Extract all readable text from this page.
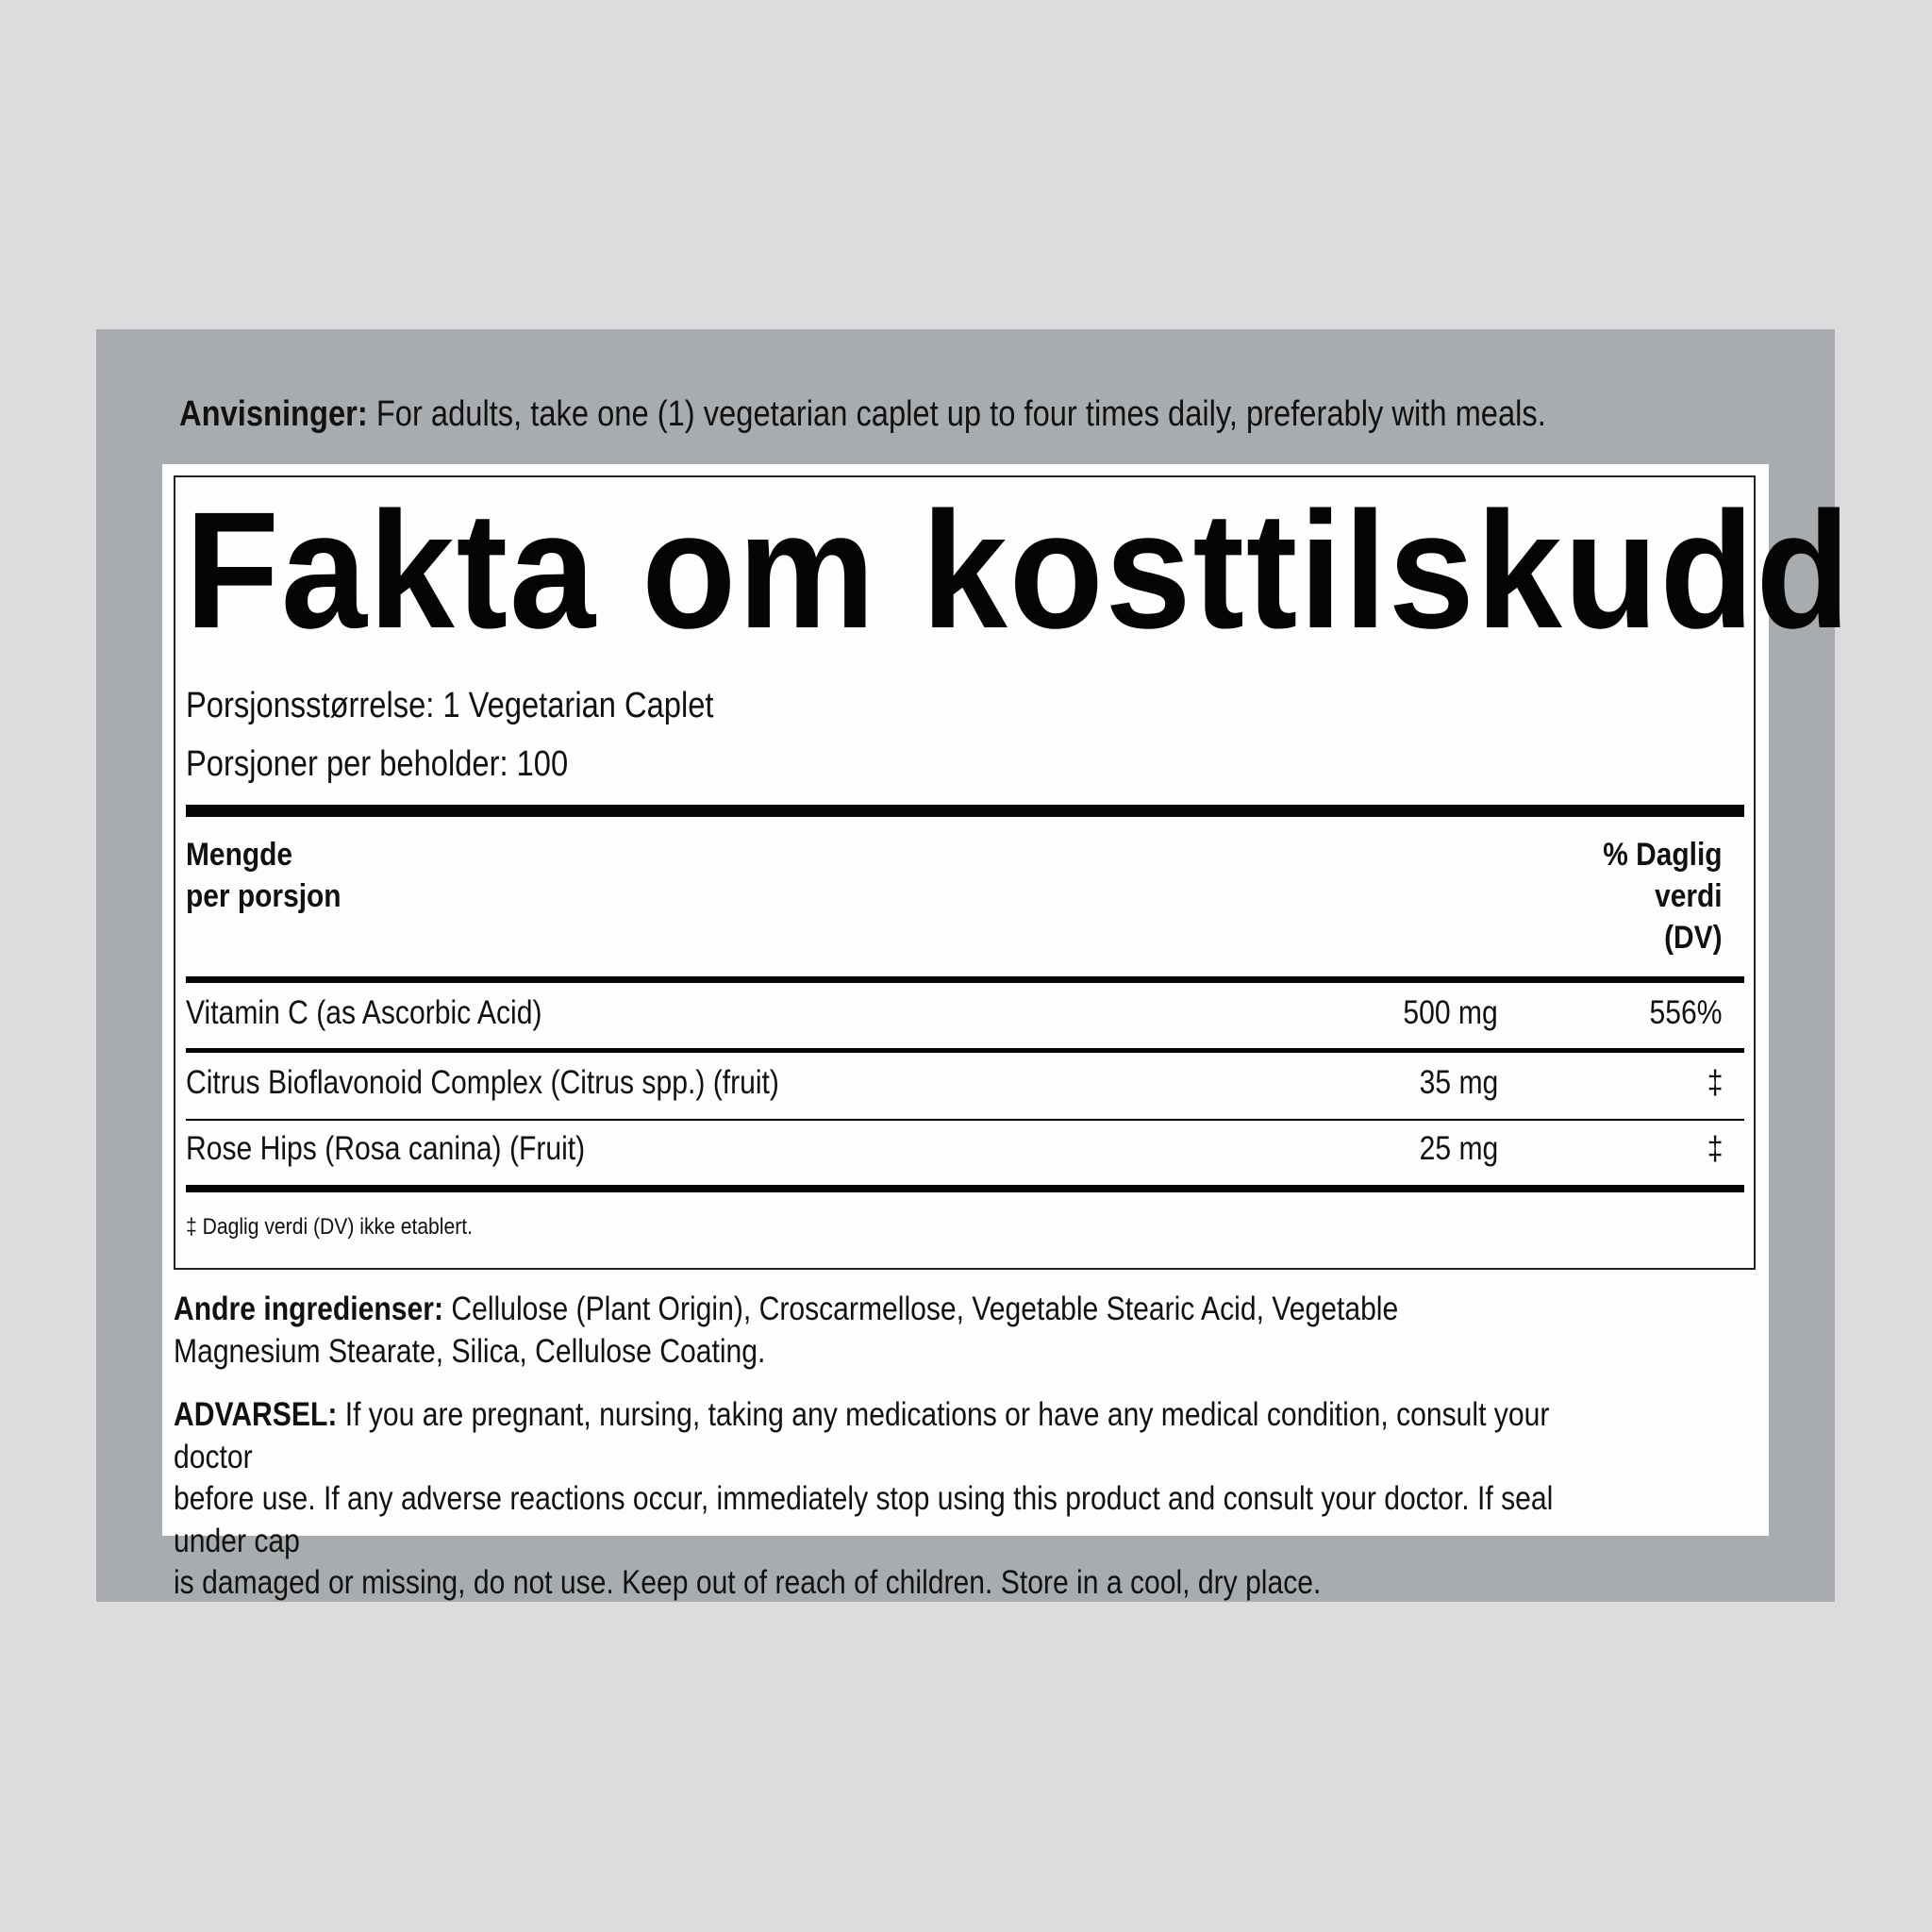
Anvisninger: For adults, take one (1) vegetarian caplet up to four times daily, preferably with meals.
Fakta om kosttilskudd
Porsjonsstørrelse: 1 Vegetarian Caplet
Porsjoner per beholder: 100
Mengde
per porsjon
% Daglig
verdi
(DV)
Vitamin C (as Ascorbic Acid)	500 mg	556%
Citrus Bioflavonoid Complex (Citrus spp.) (fruit)	35 mg	‡
Rose Hips (Rosa canina) (Fruit)	25 mg	‡
‡ Daglig verdi (DV) ikke etablert.
Andre ingredienser: Cellulose (Plant Origin), Croscarmellose, Vegetable Stearic Acid, Vegetable
Magnesium Stearate, Silica, Cellulose Coating.
ADVARSEL: If you are pregnant, nursing, taking any medications or have any medical condition, consult your doctor
before use. If any adverse reactions occur, immediately stop using this product and consult your doctor. If seal under cap
is damaged or missing, do not use. Keep out of reach of children. Store in a cool, dry place.
